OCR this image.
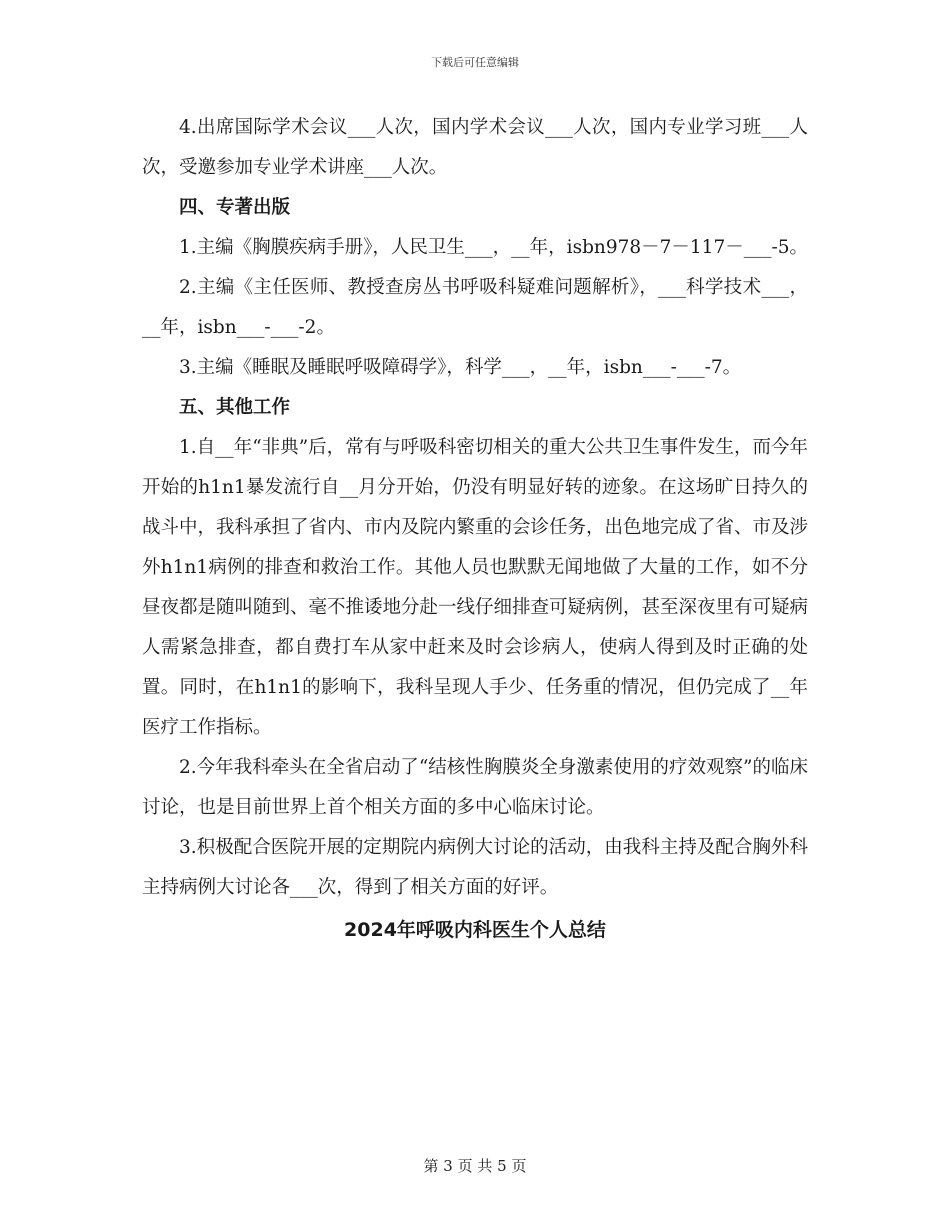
下载后可任意编辑

4.出席国际学术会议___人次，国内学术会议___人次，国内专业学习班___人次，受邀参加专业学术讲座___人次。

四、专著出版

1.主编《胸膜疾病手册》，人民卫生___，__年，isbn978－7－117－___-5。

2.主编《主任医师、教授查房丛书呼吸科疑难问题解析》，___科学技术___，__年，isbn___-___-2。

3.主编《睡眠及睡眠呼吸障碍学》，科学___，__年，isbn___-___-7。

五、其他工作

1.自__年“非典”后，常有与呼吸科密切相关的重大公共卫生事件发生，而今年开始的h1n1暴发流行自__月分开始，仍没有明显好转的迹象。在这场旷日持久的战斗中，我科承担了省内、市内及院内繁重的会诊任务，出色地完成了省、市及涉外h1n1病例的排查和救治工作。其他人员也默默无闻地做了大量的工作，如不分昼夜都是随叫随到、毫不推诿地分赴一线仔细排查可疑病例，甚至深夜里有可疑病人需紧急排查，都自费打车从家中赶来及时会诊病人，使病人得到及时正确的处置。同时，在h1n1的影响下，我科呈现人手少、任务重的情况，但仍完成了__年医疗工作指标。

2.今年我科牵头在全省启动了“结核性胸膜炎全身激素使用的疗效观察”的临床讨论，也是目前世界上首个相关方面的多中心临床讨论。

3.积极配合医院开展的定期院内病例大讨论的活动，由我科主持及配合胸外科主持病例大讨论各___次，得到了相关方面的好评。

2024年呼吸内科医生个人总结

第 3 页 共 5 页
